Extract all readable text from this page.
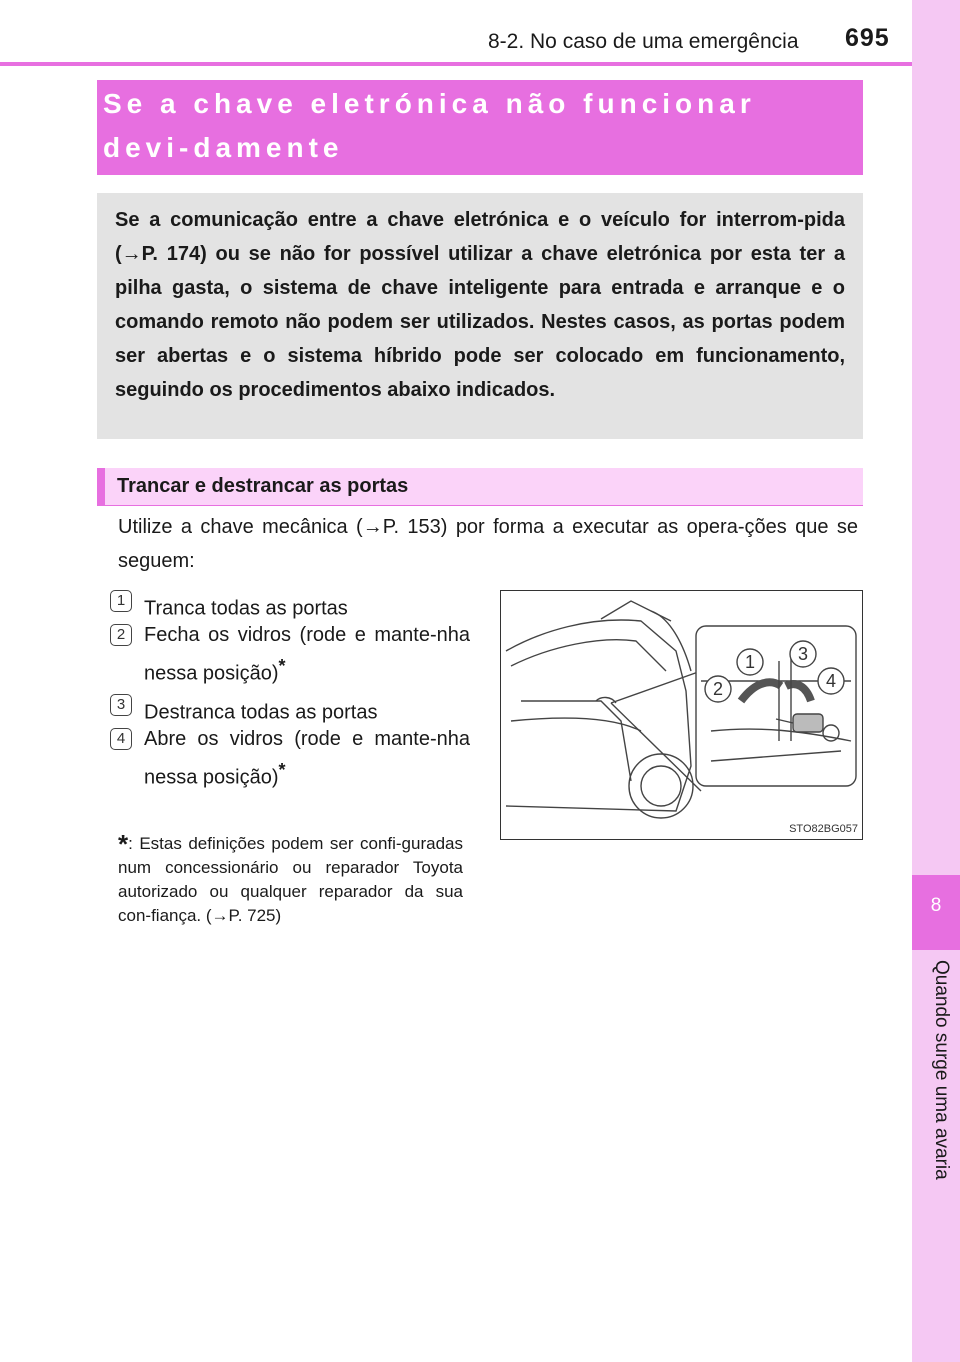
8-2. No caso de uma emergência 695
8
Quando surge uma avaria
Se a chave eletrónica não funcionar devi-damente
Se a comunicação entre a chave eletrónica e o veículo for interrom-pida (→P. 174) ou se não for possível utilizar a chave eletrónica por esta ter a pilha gasta, o sistema de chave inteligente para entrada e arranque e o comando remoto não podem ser utilizados. Nestes casos, as portas podem ser abertas e o sistema híbrido pode ser colocado em funcionamento, seguindo os procedimentos abaixo indicados.
Trancar e destrancar as portas
Utilize a chave mecânica (→P. 153) por forma a executar as opera-ções que se seguem:
1 Tranca todas as portas
2 Fecha os vidros (rode e mante-nha nessa posição)*
3 Destranca todas as portas
4 Abre os vidros (rode e mante-nha nessa posição)*
*: Estas definições podem ser confi-guradas num concessionário ou reparador Toyota autorizado ou qualquer reparador da sua con-fiança. (→P. 725)
1 3
2	4
STO82BG057
